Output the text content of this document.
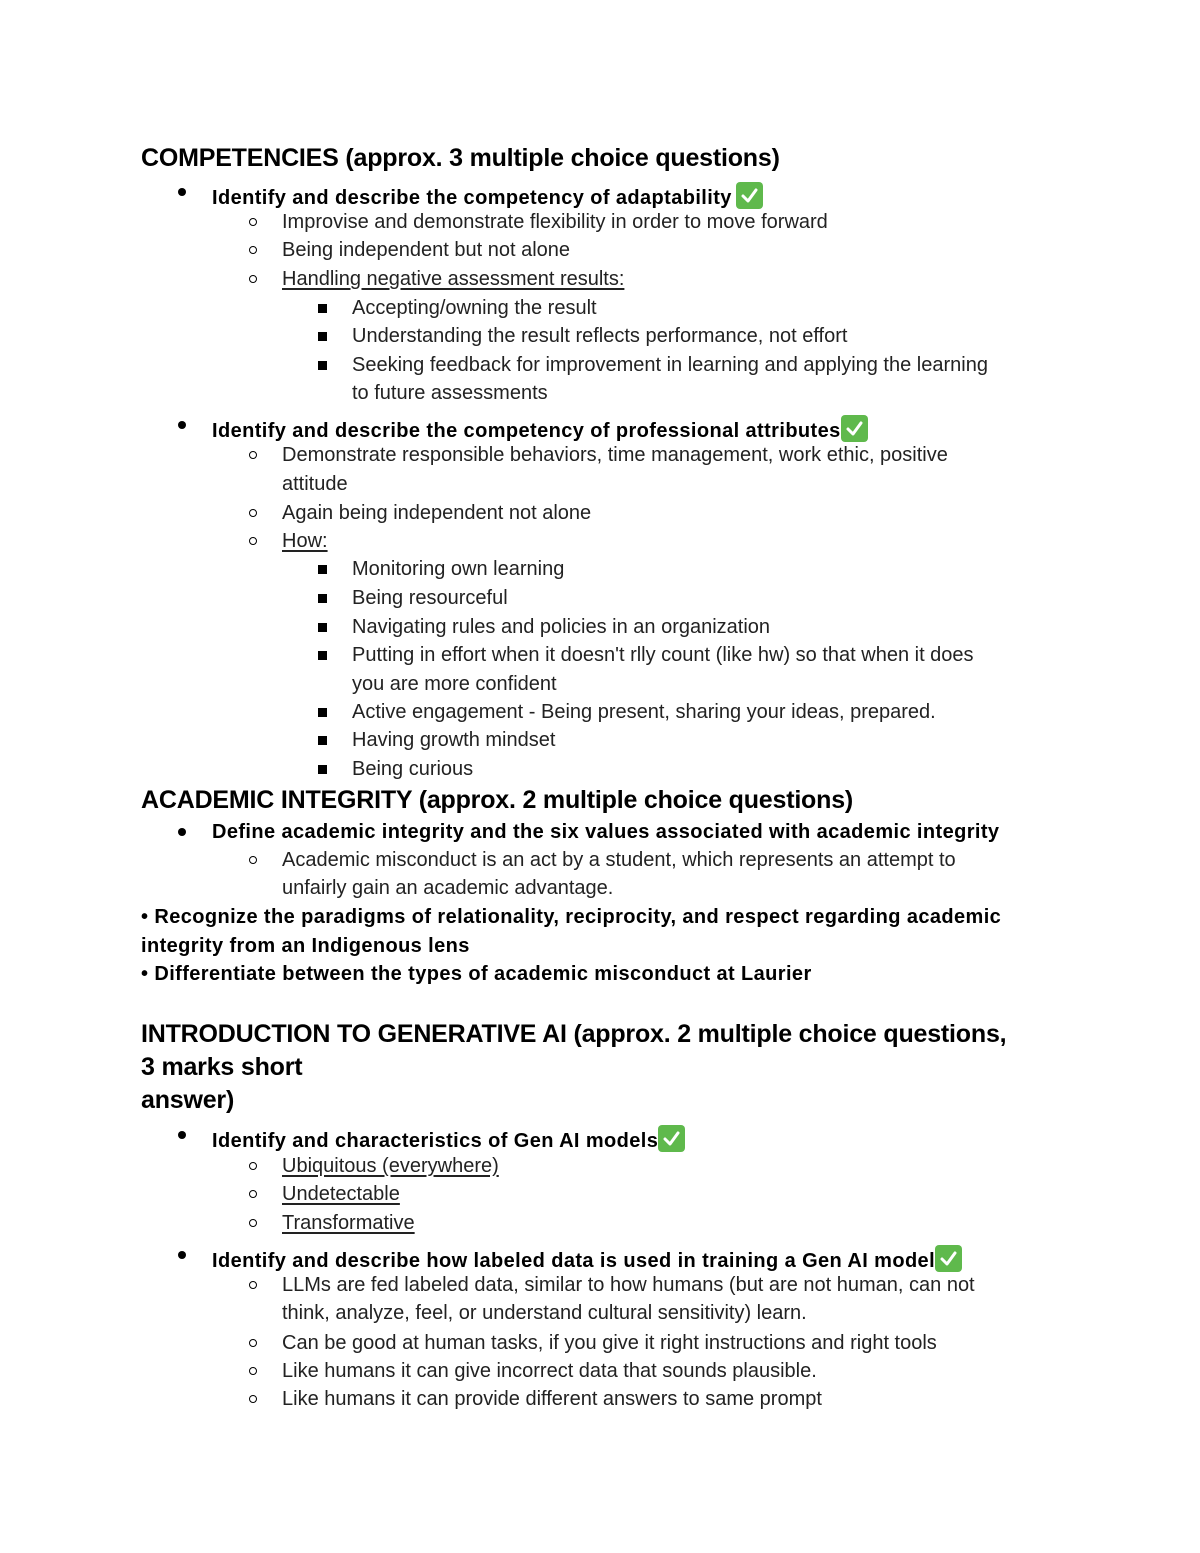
COMPETENCIES (approx. 3 multiple choice questions)
Identify and describe the competency of adaptability
Improvise and demonstrate flexibility in order to move forward
Being independent but not alone
Handling negative assessment results:
Accepting/owning the result
Understanding the result reflects performance, not effort
Seeking feedback for improvement in learning and applying the learning
to future assessments
Identify and describe the competency of professional attributes
Demonstrate responsible behaviors, time management, work ethic, positive
attitude
Again being independent not alone
How:
Monitoring own learning
Being resourceful
Navigating rules and policies in an organization
Putting in effort when it doesn't rlly count (like hw) so that when it does
you are more confident
Active engagement - Being present, sharing your ideas, prepared.
Having growth mindset
Being curious
ACADEMIC INTEGRITY (approx. 2 multiple choice questions)
Define academic integrity and the six values associated with academic integrity
Academic misconduct is an act by a student, which represents an attempt to
unfairly gain an academic advantage.
• Recognize the paradigms of relationality, reciprocity, and respect regarding academic
integrity from an Indigenous lens
• Differentiate between the types of academic misconduct at Laurier
INTRODUCTION TO GENERATIVE AI (approx. 2 multiple choice questions,
3 marks short
answer)
Identify and characteristics of Gen AI models
Ubiquitous (everywhere)
Undetectable
Transformative
Identify and describe how labeled data is used in training a Gen AI model
LLMs are fed labeled data, similar to how humans (but are not human, can not
think, analyze, feel, or understand cultural sensitivity) learn.
Can be good at human tasks, if you give it right instructions and right tools
Like humans it can give incorrect data that sounds plausible.
Like humans it can provide different answers to same prompt
